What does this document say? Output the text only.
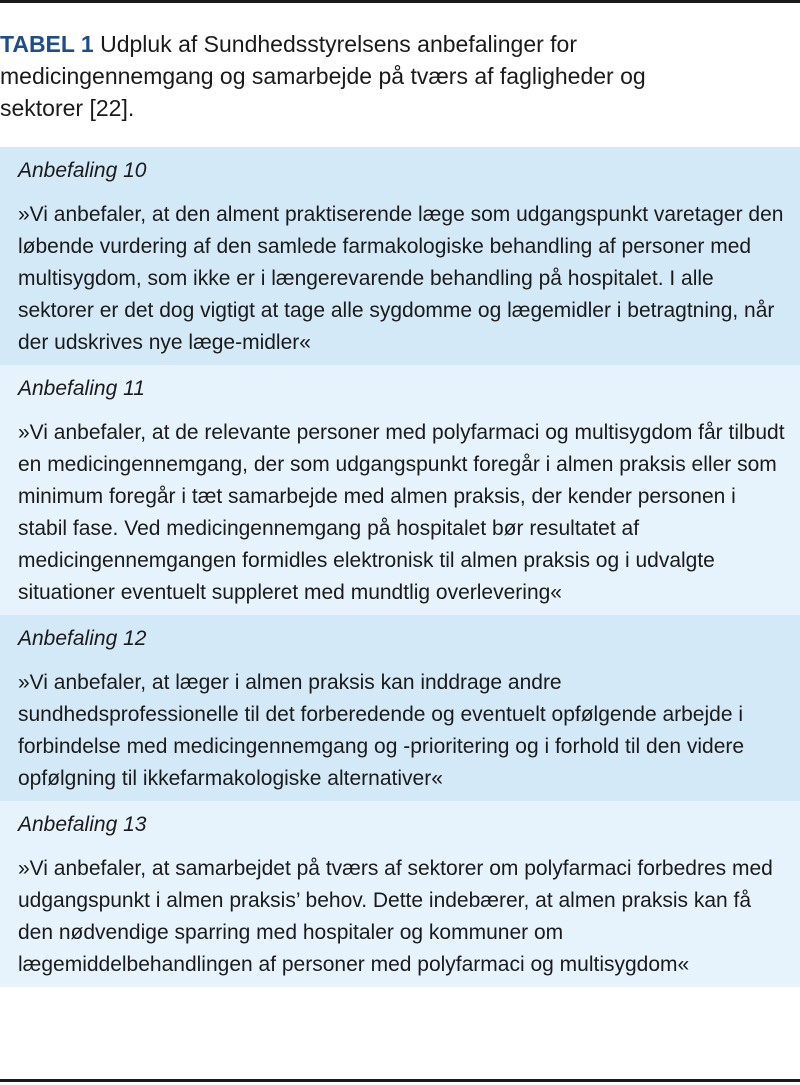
TABEL 1 Udpluk af Sundhedsstyrelsens anbefalinger for medicingennemgang og samarbejde på tværs af fagligheder og sektorer [22].
Anbefaling 10
»Vi anbefaler, at den alment praktiserende læge som udgangspunkt varetager den løbende vurdering af den samlede farmakologiske behandling af personer med multisygdom, som ikke er i længerevarende behandling på hospitalet. I alle sektorer er det dog vigtigt at tage alle sygdomme og lægemidler i betragtning, når der udskrives nye læge-midler«
Anbefaling 11
»Vi anbefaler, at de relevante personer med polyfarmaci og multisygdom får tilbudt en medicingennemgang, der som udgangspunkt foregår i almen praksis eller som minimum foregår i tæt samarbejde med almen praksis, der kender personen i stabil fase. Ved medicingennemgang på hospitalet bør resultatet af medicingennemgangen formidles elektronisk til almen praksis og i udvalgte situationer eventuelt suppleret med mundtlig overlevering«
Anbefaling 12
»Vi anbefaler, at læger i almen praksis kan inddrage andre sundhedsprofessionelle til det forberedende og eventuelt opfølgende arbejde i forbindelse med medicingennemgang og -prioritering og i forhold til den videre opfølgning til ikkefarmakologiske alternativer«
Anbefaling 13
»Vi anbefaler, at samarbejdet på tværs af sektorer om polyfarmaci forbedres med udgangspunkt i almen praksis’ behov. Dette indebærer, at almen praksis kan få den nødvendige sparring med hospitaler og kommuner om lægemiddelbehandlingen af personer med polyfarmaci og multisygdom«
